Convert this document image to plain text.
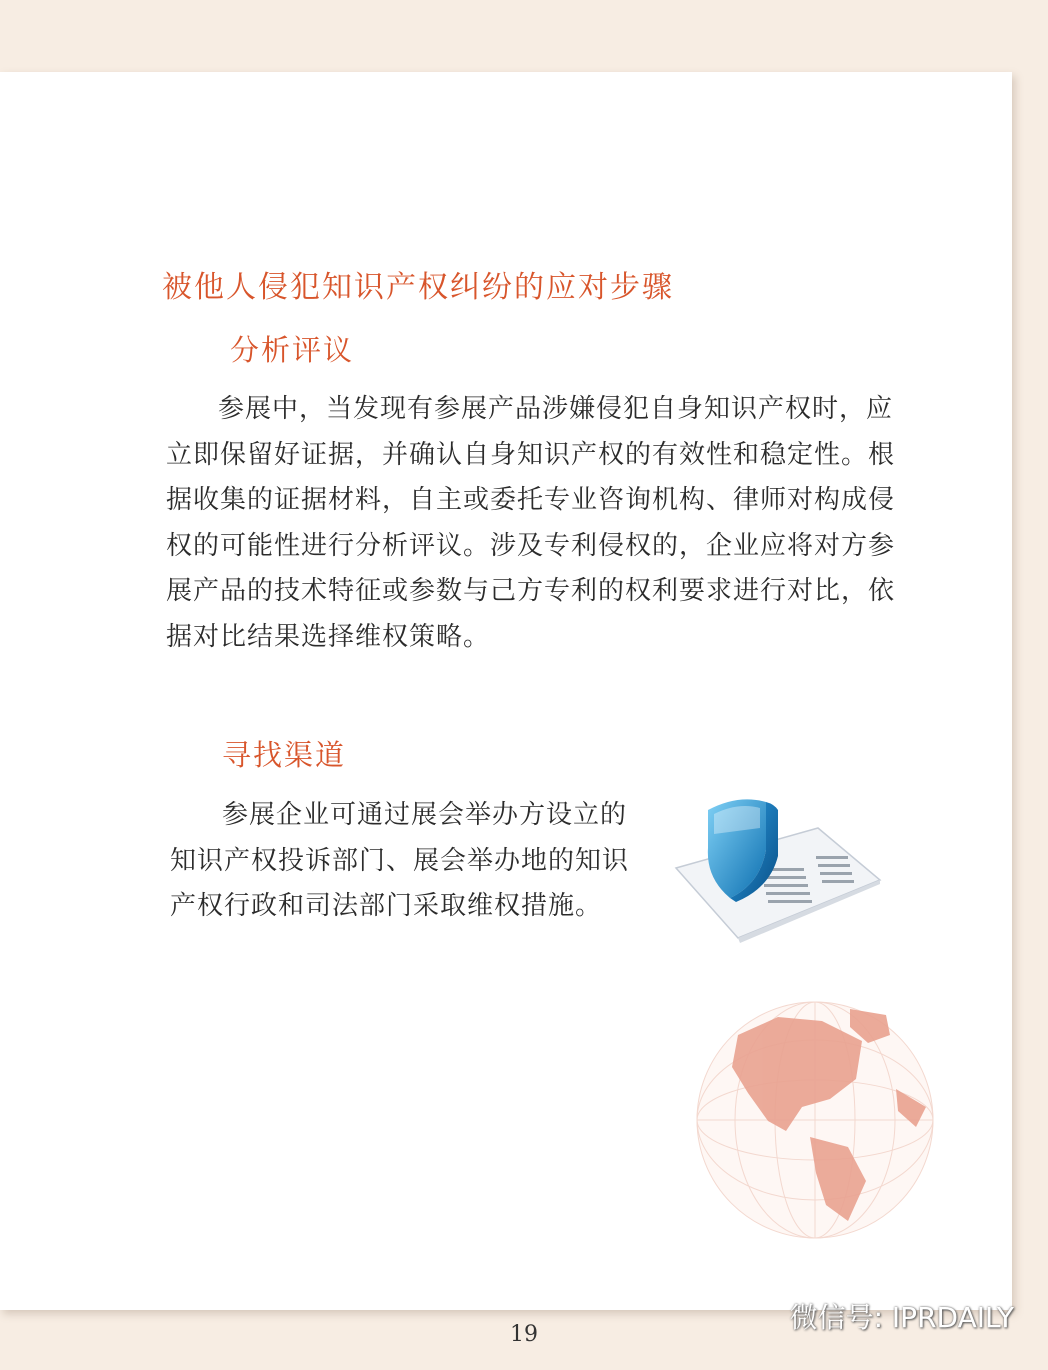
被他人侵犯知识产权纠纷的应对步骤
分析评议

参展中，当发现有参展产品涉嫌侵犯自身知识产权时，应立即保留好证据，并确认自身知识产权的有效性和稳定性。根据收集的证据材料，自主或委托专业咨询机构、律师对构成侵权的可能性进行分析评议。涉及专利侵权的，企业应将对方参展产品的技术特征或参数与己方专利的权利要求进行对比，依据对比结果选择维权策略。

寻找渠道

参展企业可通过展会举办方设立的知识产权投诉部门、展会举办地的知识产权行政和司法部门采取维权措施。

19
微信号: IPRDAILY
